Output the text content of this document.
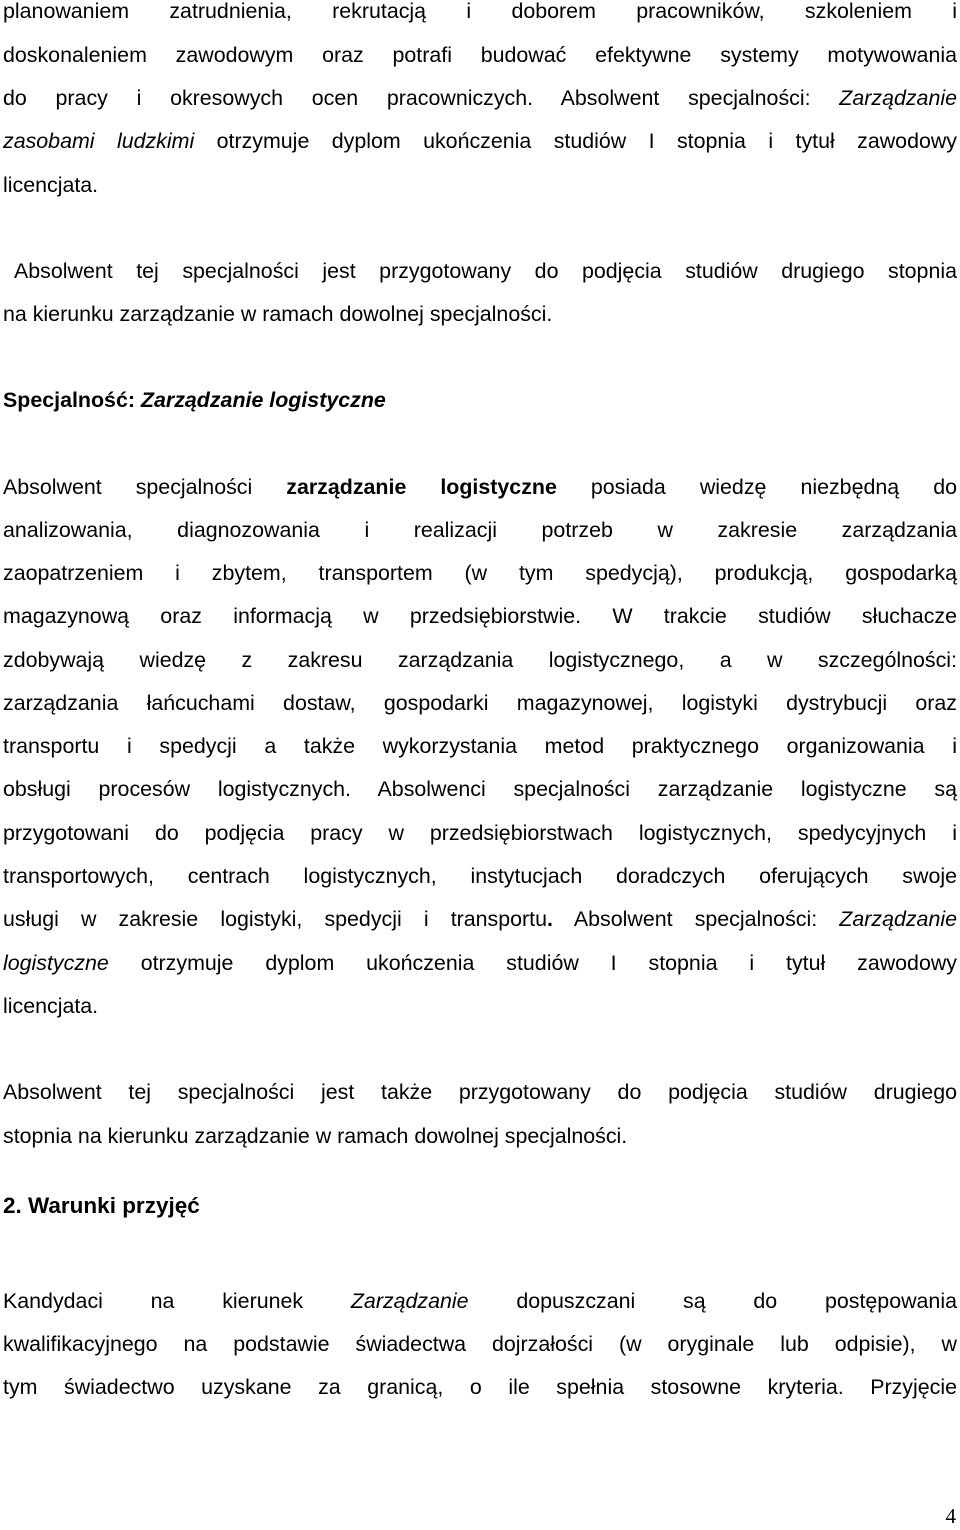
planowaniem zatrudnienia, rekrutacją i doborem pracowników, szkoleniem i
doskonaleniem zawodowym oraz potrafi budować efektywne systemy motywowania
do pracy i okresowych ocen pracowniczych. Absolwent specjalności: Zarządzanie
zasobami ludzkimi otrzymuje dyplom ukończenia studiów I stopnia i tytuł zawodowy
licencjata.
Absolwent tej specjalności jest przygotowany do podjęcia studiów drugiego stopnia
na kierunku zarządzanie w ramach dowolnej specjalności.
Specjalność: Zarządzanie logistyczne
Absolwent specjalności zarządzanie logistyczne posiada wiedzę niezbędną do
analizowania, diagnozowania i realizacji potrzeb w zakresie zarządzania
zaopatrzeniem i zbytem, transportem (w tym spedycją), produkcją, gospodarką
magazynową oraz informacją w przedsiębiorstwie. W trakcie studiów słuchacze
zdobywają wiedzę z zakresu zarządzania logistycznego, a w szczególności:
zarządzania łańcuchami dostaw, gospodarki magazynowej, logistyki dystrybucji oraz
transportu i spedycji a także wykorzystania metod praktycznego organizowania i
obsługi procesów logistycznych. Absolwenci specjalności zarządzanie logistyczne są
przygotowani do podjęcia pracy w przedsiębiorstwach logistycznych, spedycyjnych i
transportowych, centrach logistycznych, instytucjach doradczych oferujących swoje
usługi w zakresie logistyki, spedycji i transportu. Absolwent specjalności: Zarządzanie
logistyczne otrzymuje dyplom ukończenia studiów I stopnia i tytuł zawodowy
licencjata.
Absolwent tej specjalności jest także przygotowany do podjęcia studiów drugiego
stopnia na kierunku zarządzanie w ramach dowolnej specjalności.
2. Warunki przyjęć
Kandydaci na kierunek Zarządzanie dopuszczani są do postępowania
kwalifikacyjnego na podstawie świadectwa dojrzałości (w oryginale lub odpisie), w
tym świadectwo uzyskane za granicą, o ile spełnia stosowne kryteria. Przyjęcie
4
